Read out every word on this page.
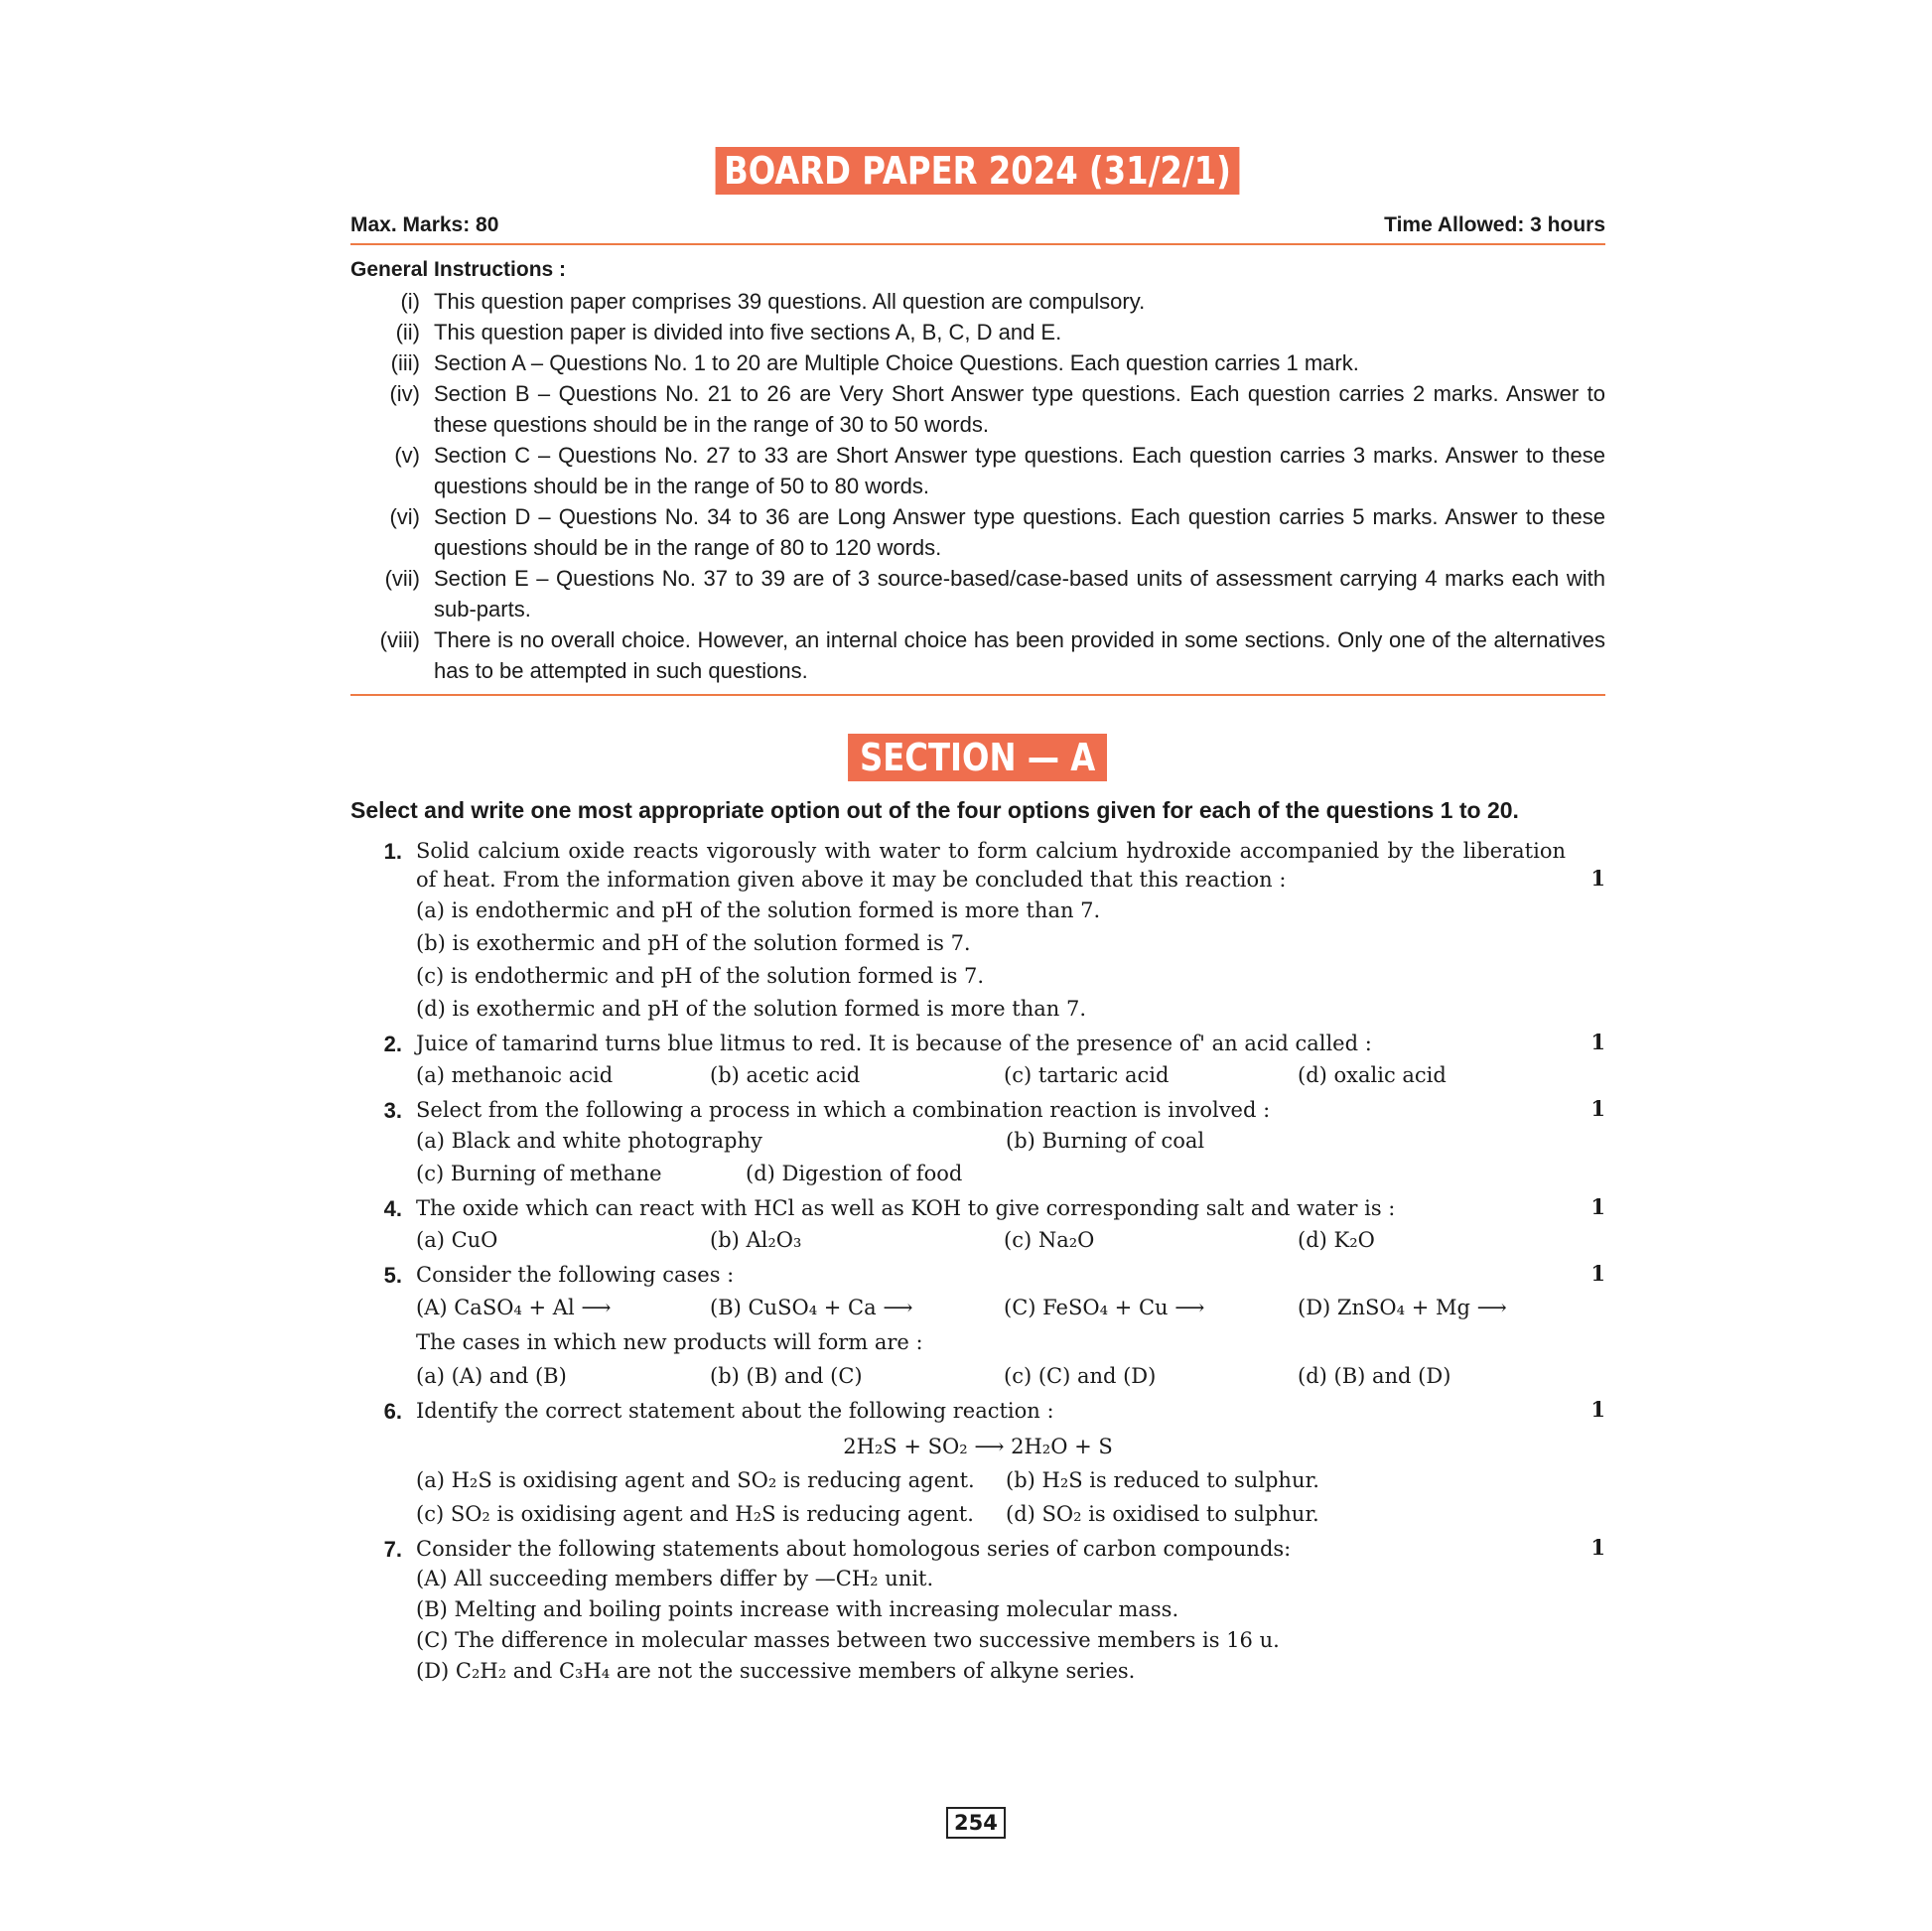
BOARD PAPER 2024 (31/2/1)
Max. Marks: 80	Time Allowed: 3 hours
General Instructions :
(i) This question paper comprises 39 questions. All question are compulsory.
(ii) This question paper is divided into five sections A, B, C, D and E.
(iii) Section A – Questions No. 1 to 20 are Multiple Choice Questions. Each question carries 1 mark.
(iv) Section B – Questions No. 21 to 26 are Very Short Answer type questions. Each question carries 2 marks. Answer to these questions should be in the range of 30 to 50 words.
(v) Section C – Questions No. 27 to 33 are Short Answer type questions. Each question carries 3 marks. Answer to these questions should be in the range of 50 to 80 words.
(vi) Section D – Questions No. 34 to 36 are Long Answer type questions. Each question carries 5 marks. Answer to these questions should be in the range of 80 to 120 words.
(vii) Section E – Questions No. 37 to 39 are of 3 source-based/case-based units of assessment carrying 4 marks each with sub-parts.
(viii) There is no overall choice. However, an internal choice has been provided in some sections. Only one of the alternatives has to be attempted in such questions.
SECTION — A
Select and write one most appropriate option out of the four options given for each of the questions 1 to 20.
1. Solid calcium oxide reacts vigorously with water to form calcium hydroxide accompanied by the liberation of heat. From the information given above it may be concluded that this reaction :	1
(a) is endothermic and pH of the solution formed is more than 7.
(b) is exothermic and pH of the solution formed is 7.
(c) is endothermic and pH of the solution formed is 7.
(d) is exothermic and pH of the solution formed is more than 7.
2. Juice of tamarind turns blue litmus to red. It is because of the presence of' an acid called :	1
(a) methanoic acid	(b) acetic acid	(c) tartaric acid	(d) oxalic acid
3. Select from the following a process in which a combination reaction is involved :	1
(a) Black and white photography	(b) Burning of coal
(c) Burning of methane	(d) Digestion of food
4. The oxide which can react with HCl as well as KOH to give corresponding salt and water is :	1
(a) CuO	(b) Al₂O₃	(c) Na₂O	(d) K₂O
5. Consider the following cases :	1
(A) CaSO₄ + Al ⟶	(B) CuSO₄ + Ca ⟶	(C) FeSO₄ + Cu ⟶	(D) ZnSO₄ + Mg ⟶
The cases in which new products will form are :
(a) (A) and (B)	(b) (B) and (C)	(c) (C) and (D)	(d) (B) and (D)
6. Identify the correct statement about the following reaction :	1
2H₂S + SO₂ ⟶ 2H₂O + S
(a) H₂S is oxidising agent and SO₂ is reducing agent.	(b) H₂S is reduced to sulphur.
(c) SO₂ is oxidising agent and H₂S is reducing agent.	(d) SO₂ is oxidised to sulphur.
7. Consider the following statements about homologous series of carbon compounds:	1
(A) All succeeding members differ by —CH₂ unit.
(B) Melting and boiling points increase with increasing molecular mass.
(C) The difference in molecular masses between two successive members is 16 u.
(D) C₂H₂ and C₃H₄ are not the successive members of alkyne series.
254
